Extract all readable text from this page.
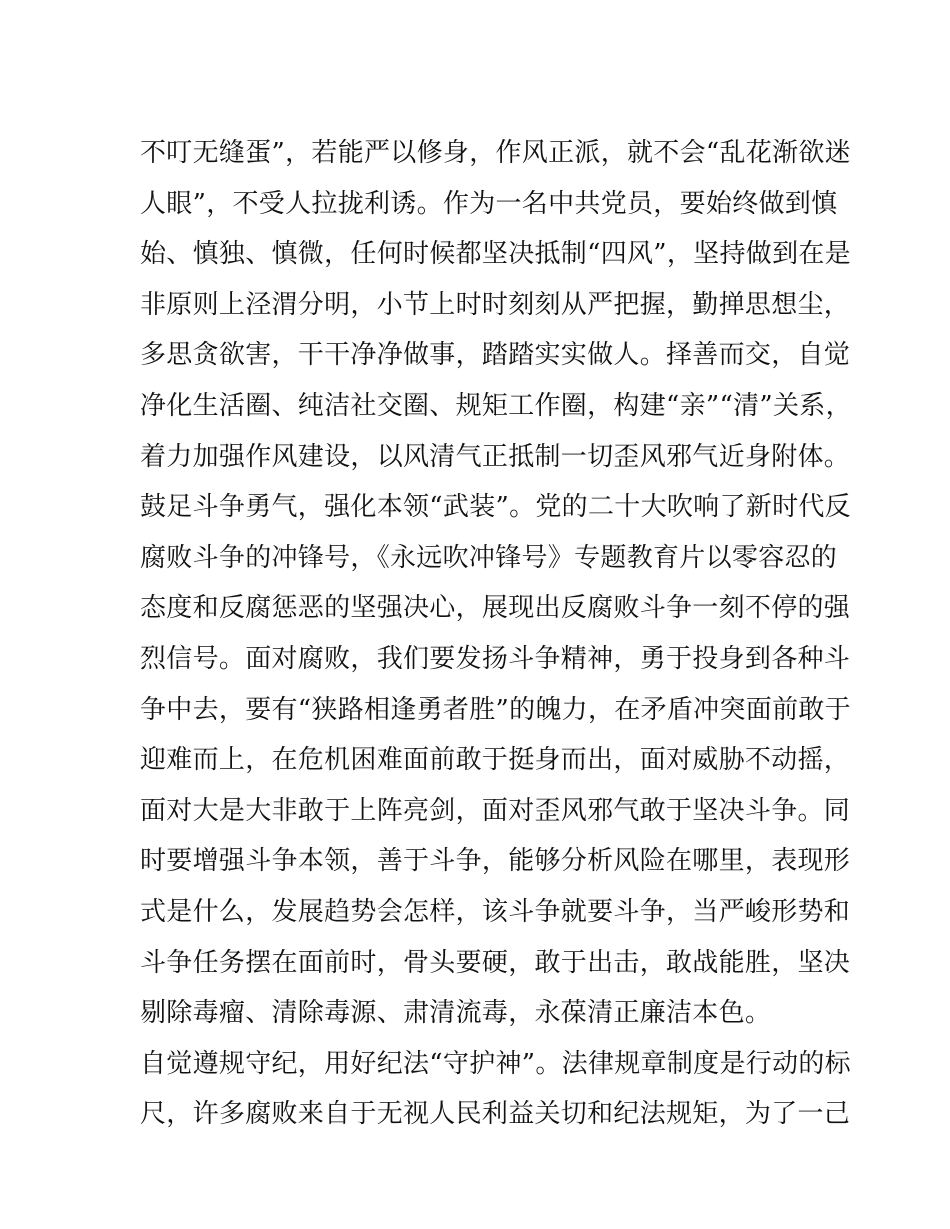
不叮无缝蛋”，若能严以修身，作风正派，就不会“乱花渐欲迷
人眼”，不受人拉拢利诱。作为一名中共党员，要始终做到慎
始、慎独、慎微，任何时候都坚决抵制“四风”，坚持做到在是
非原则上泾渭分明，小节上时时刻刻从严把握，勤掸思想尘，
多思贪欲害，干干净净做事，踏踏实实做人。择善而交，自觉
净化生活圈、纯洁社交圈、规矩工作圈，构建“亲”“清”关系，
着力加强作风建设，以风清气正抵制一切歪风邪气近身附体。
鼓足斗争勇气，强化本领“武装”。党的二十大吹响了新时代反
腐败斗争的冲锋号，《永远吹冲锋号》专题教育片以零容忍的
态度和反腐惩恶的坚强决心，展现出反腐败斗争一刻不停的强
烈信号。面对腐败，我们要发扬斗争精神，勇于投身到各种斗
争中去，要有“狭路相逢勇者胜”的魄力，在矛盾冲突面前敢于
迎难而上，在危机困难面前敢于挺身而出，面对威胁不动摇，
面对大是大非敢于上阵亮剑，面对歪风邪气敢于坚决斗争。同
时要增强斗争本领，善于斗争，能够分析风险在哪里，表现形
式是什么，发展趋势会怎样，该斗争就要斗争，当严峻形势和
斗争任务摆在面前时，骨头要硬，敢于出击，敢战能胜，坚决
剔除毒瘤、清除毒源、肃清流毒，永葆清正廉洁本色。
自觉遵规守纪，用好纪法“守护神”。法律规章制度是行动的标
尺，许多腐败来自于无视人民利益关切和纪法规矩，为了一己
